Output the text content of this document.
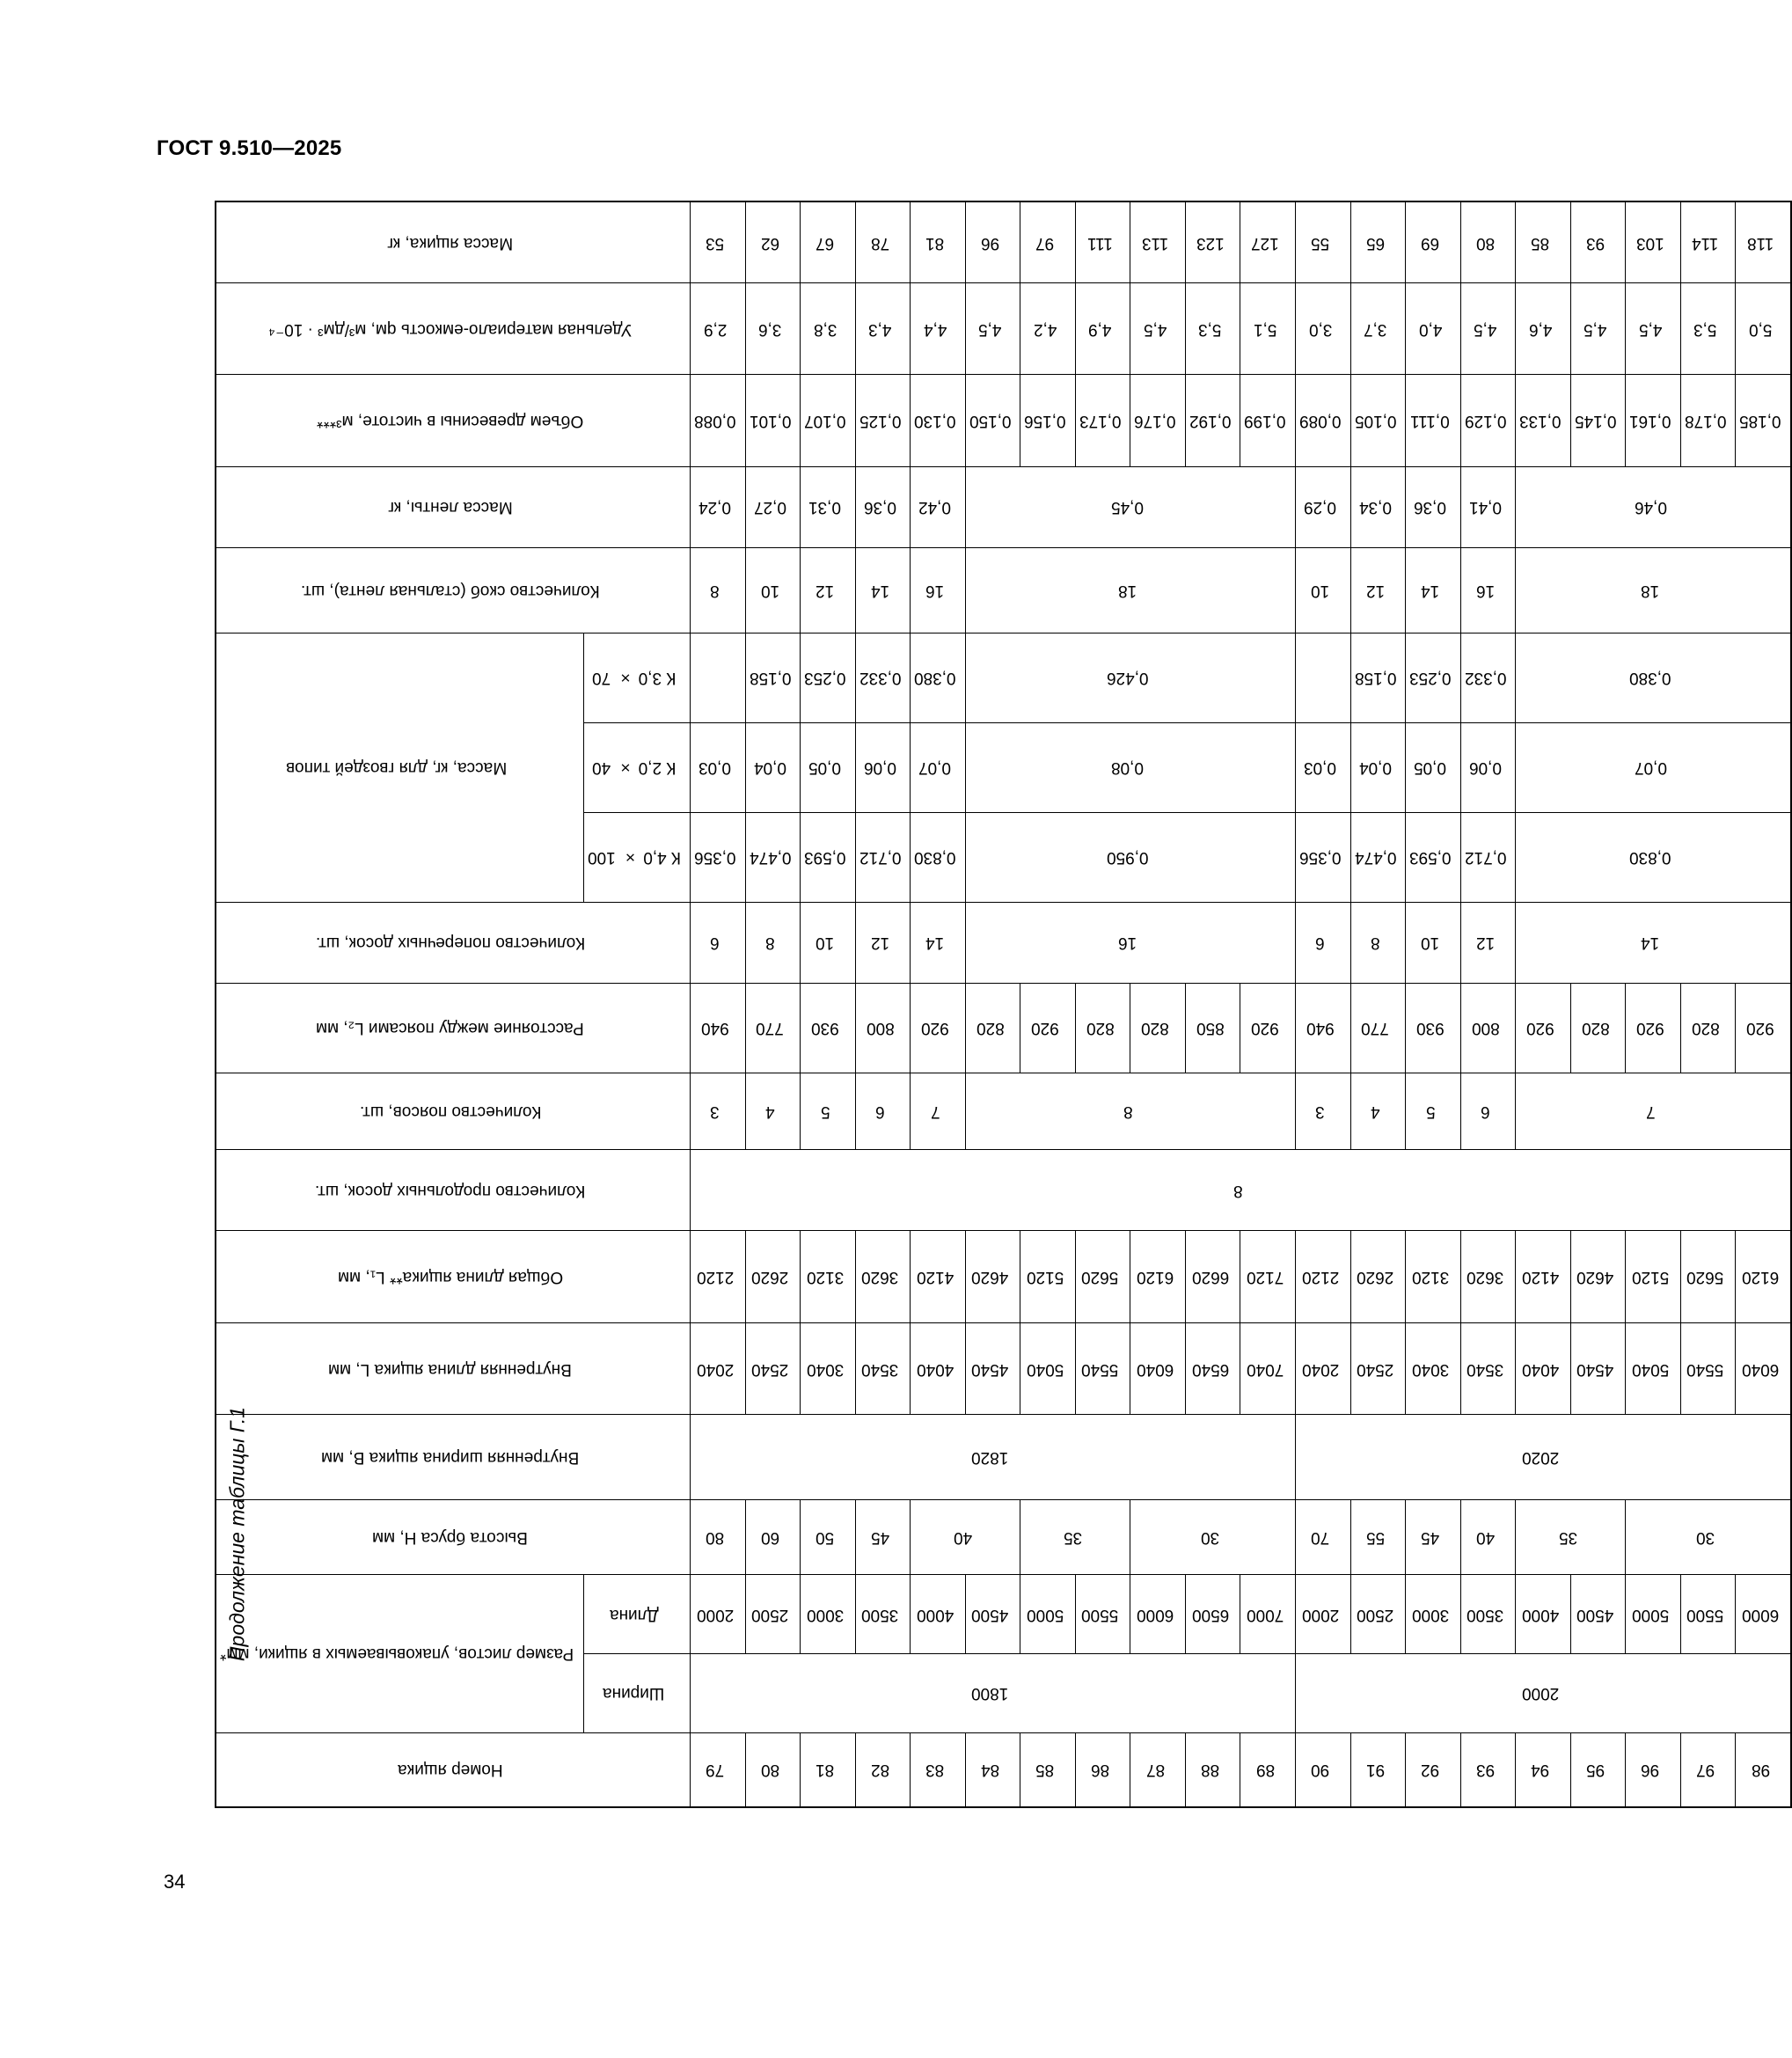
ГОСТ 9.510—2025
34
Продолжение таблицы Г.1
Номер ящика	Размер листов, упаковываемых в ящики, мм*		Высота бруса H, мм	Внутренняя ширина ящика B, мм	Внутренняя длина ящика L, мм	Общая длина ящика** L₁, мм	Количество продольных досок, шт.	Количество поясов, шт.	Расстояние между поясами L₂, мм	Количество поперечных досок, шт.	Масса, кг, для гвоздей типов			Количество скоб (стальная лента), шт.	Масса ленты, кг	Объем древесины в чистоте, м³***	Удельная материало-емкость qм, м³/дм³ · 10⁻⁴	Масса ящика, кг
	Ширина	Длина									К 4,0 × 100	К 2,0 × 40	К 3,0 × 70					

79	1800	2000	80	1820	2040	2120	8	3	940	6	0,356	0,03		8	0,24	0,088	2,9	53
80		2500	60		2540	2620		4	770	8	0,474	0,04	0,158	10	0,27	0,101	3,6	62
81		3000	50		3040	3120		5	930	10	0,593	0,05	0,253	12	0,31	0,107	3,8	67
82		3500	45		3540	3620		6	800	12	0,712	0,06	0,332	14	0,36	0,125	4,3	78
83		4000	40		4040	4120		7	920	14	0,830	0,07	0,380	16	0,42	0,130	4,4	81
84		4500			4540	4620		8	820	16	0,950	0,08	0,426	18	0,45	0,150	4,5	96
85		5000	35		5040	5120			920							0,156	4,2	97
86		5500			5540	5620			820							0,173	4,9	111
87		6000	30		6040	6120			820							0,176	4,5	113
88		6500			6540	6620			850							0,192	5,3	123
89		7000			7040	7120			920							0,199	5,1	127
90	2000	2000	70	2020	2040	2120		3	940	6	0,356	0,03		10	0,29	0,089	3,0	55
91		2500	55		2540	2620		4	770	8	0,474	0,04	0,158	12	0,34	0,105	3,7	65
92		3000	45		3040	3120		5	930	10	0,593	0,05	0,253	14	0,36	0,111	4,0	69
93		3500	40		3540	3620		6	800	12	0,712	0,06	0,332	16	0,41	0,129	4,5	80
94		4000	35		4040	4120		7	920	14	0,830	0,07	0,380	18	0,46	0,133	4,6	85
95		4500			4540	4620			820							0,145	4,5	93
96		5000	30		5040	5120			920							0,161	4,5	103
97		5500			5540	5620			820							0,178	5,3	114
98		6000			6040	6120			920							0,185	5,0	118
